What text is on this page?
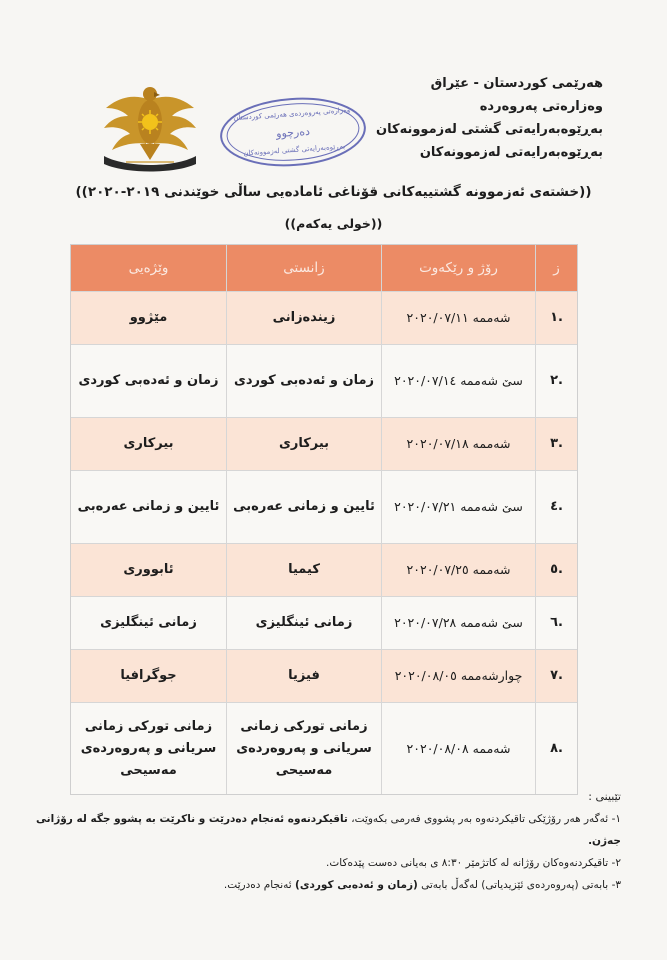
وەزارەتی پەروەردەی هەرێمی کوردستان
دەرچوو
بەڕێوەبەرایەتی گشتی لەزموونەکان
هەرێمی کوردستان - عێراق
وەزارەتی پەروەردە
بەڕێوەبەرایەتی گشتی لەزموونەکان
بەڕێوەبەرایەتی لەزموونەکان
((خشتەی ئەزموونە گشتییەکانی قۆناغی ئامادەیی ساڵی خوێندنی ٢٠١٩-٢٠٢٠))
((خولی یەکەم))
ز
رۆژ و رێکەوت
زانستی
وێژەیی
.١
شەممە ٢٠٢٠/٠٧/١١
زیندەزانی
مێژوو
.٢
سێ شەممە ٢٠٢٠/٠٧/١٤
زمان و ئەدەبی کوردی
زمان و ئەدەبی کوردی
.٣
شەممە ٢٠٢٠/٠٧/١٨
بیرکاری
بیرکاری
.٤
سێ شەممە ٢٠٢٠/٠٧/٢١
ئایین و زمانی عەرەبی
ئایین و زمانی عەرەبی
.٥
شەممە ٢٠٢٠/٠٧/٢٥
کیمیا
ئابووری
.٦
سێ شەممە ٢٠٢٠/٠٧/٢٨
زمانی ئینگلیزی
زمانی ئینگلیزی
.٧
چوارشەممە ٢٠٢٠/٠٨/٠٥
فیزیا
جوگرافیا
.٨
شەممە ٢٠٢٠/٠٨/٠٨
زمانی تورکی زمانی سریانی و پەروەردەی مەسیحی
زمانی تورکی زمانی سریانی و پەروەردەی مەسیحی
تێبینی :
١- ئەگەر هەر رۆژێکی تاقیکردنەوە بەر پشووی فەرمی بکەوێت، تاقیکردنەوە ئەنجام دەدرێت و ناکرێت بە پشوو جگە لە رۆژانی جەژن.
٢- تاقیکردنەوەکان رۆژانە لە کاتژمێر ٨:٣٠ ی بەیانی دەست پێدەکات.
٣- بابەتی (پەروەردەی ئێزیدیاتی) لەگەڵ بابەتی (زمان و ئەدەبی کوردی) ئەنجام دەدرێت.
